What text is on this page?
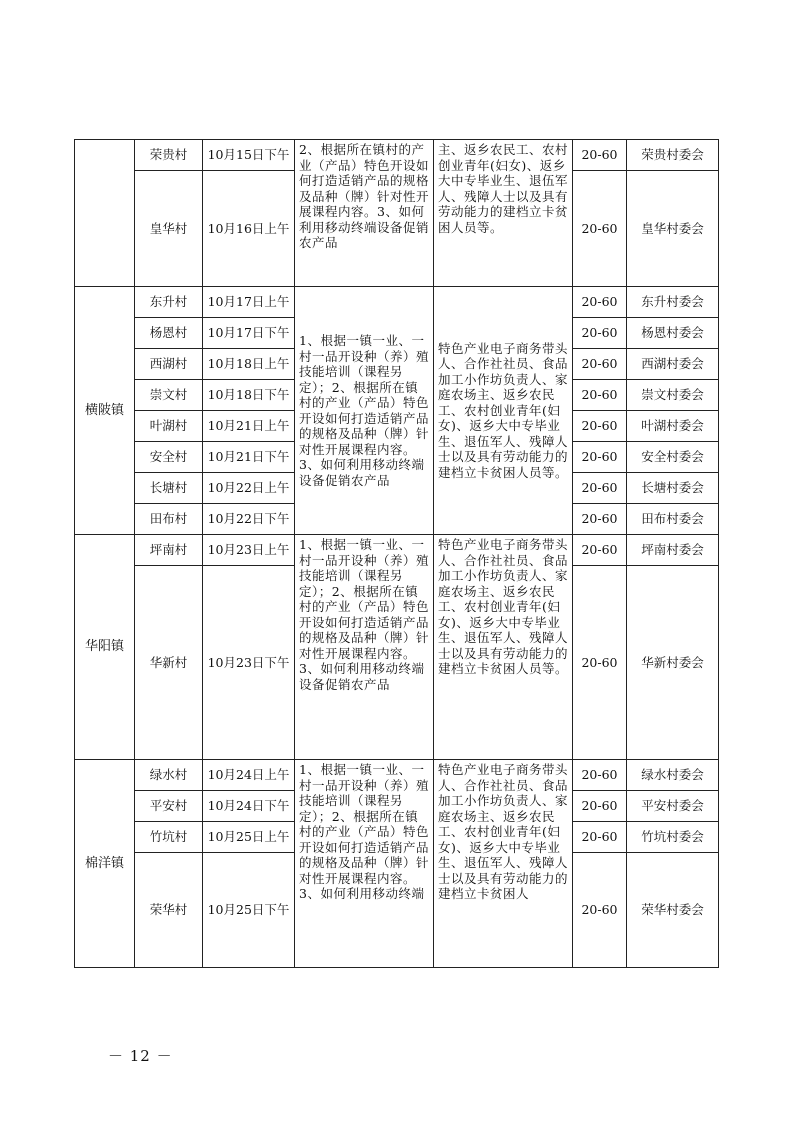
	荣贵村	10月15日下午	2、根据所在镇村的产业（产品）特色开设如何打造适销产品的规格及品种（牌）针对性开展课程内容。3、如何利用移动终端设备促销农产品	主、返乡农民工、农村创业青年(妇女)、返乡大中专毕业生、退伍军人、残障人士以及具有劳动能力的建档立卡贫困人员等。	20-60	荣贵村委会
	皇华村	10月16日上午			20-60	皇华村委会
横陂镇	东升村	10月17日上午	1、根据一镇一业、一村一品开设种（养）殖技能培训（课程另定）；2、根据所在镇村的产业（产品）特色开设如何打造适销产品的规格及品种（牌）针对性开展课程内容。3、如何利用移动终端设备促销农产品	特色产业电子商务带头人、合作社社员、食品加工小作坊负责人、家庭农场主、返乡农民工、农村创业青年(妇女)、返乡大中专毕业生、退伍军人、残障人士以及具有劳动能力的建档立卡贫困人员等。	20-60	东升村委会
	杨恩村	10月17日下午			20-60	杨恩村委会
	西湖村	10月18日上午			20-60	西湖村委会
	崇文村	10月18日下午			20-60	崇文村委会
	叶湖村	10月21日上午			20-60	叶湖村委会
	安全村	10月21日下午			20-60	安全村委会
	长塘村	10月22日上午			20-60	长塘村委会
	田布村	10月22日下午			20-60	田布村委会
华阳镇	坪南村	10月23日上午	1、根据一镇一业、一村一品开设种（养）殖技能培训（课程另定）；2、根据所在镇村的产业（产品）特色开设如何打造适销产品的规格及品种（牌）针对性开展课程内容。3、如何利用移动终端设备促销农产品	特色产业电子商务带头人、合作社社员、食品加工小作坊负责人、家庭农场主、返乡农民工、农村创业青年(妇女)、返乡大中专毕业生、退伍军人、残障人士以及具有劳动能力的建档立卡贫困人员等。	20-60	坪南村委会
	华新村	10月23日下午			20-60	华新村委会
棉洋镇	绿水村	10月24日上午	1、根据一镇一业、一村一品开设种（养）殖技能培训（课程另定）；2、根据所在镇村的产业（产品）特色开设如何打造适销产品的规格及品种（牌）针对性开展课程内容。3、如何利用移动终端	特色产业电子商务带头人、合作社社员、食品加工小作坊负责人、家庭农场主、返乡农民工、农村创业青年(妇女)、返乡大中专毕业生、退伍军人、残障人士以及具有劳动能力的建档立卡贫困人	20-60	绿水村委会
	平安村	10月24日下午			20-60	平安村委会
	竹坑村	10月25日上午			20-60	竹坑村委会
	荣华村	10月25日下午			20-60	荣华村委会
－ 12 －
